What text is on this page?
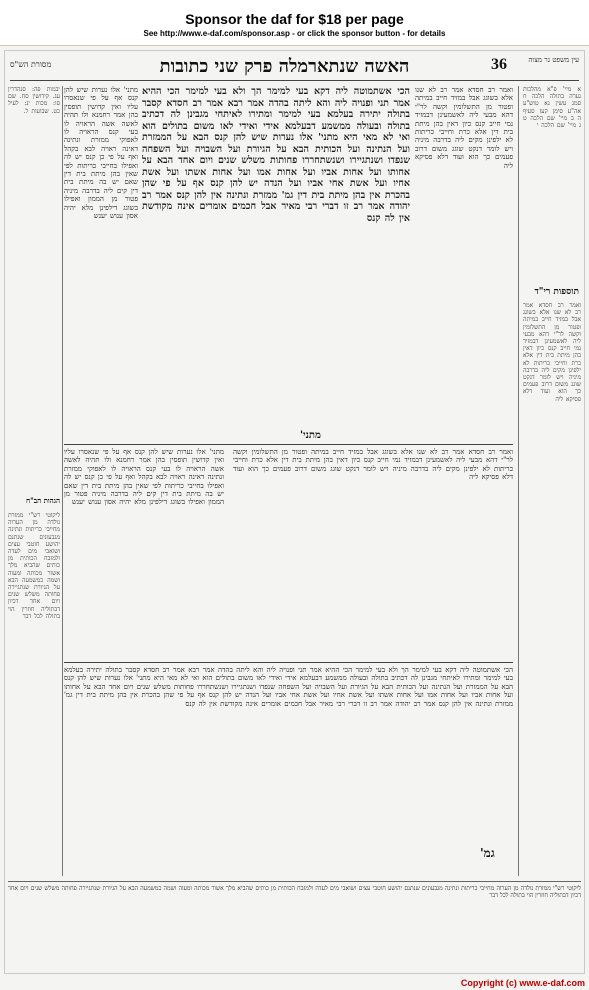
Sponsor the daf for $18 per page
See http://www.e-daf.com/sponsor.asp - or click the sponsor button - for details
עין משפט נר מצוה
36
האשה שנתארמלה פרק שני כתובות
מסורת הש"ס
א מיי' פ"א מהלכות נערה בתולה הלכה ח סמג עשין נא טוש"ע אה"ע סימן קעז סעיף ה ב מיי' שם הלכה ט ג מיי' שם הלכה י
תוספות רי"ד
ואמר רב חסדא אמר רב לא שנו אלא בשוגג אבל במזיד חייב במיתה ופטור מן התשלומין וקשה לר"י דהא מבעי ליה לאשמעינן דבמזיד נמי חייב קנס כיון דאין בהן מיתת בית דין אלא כרת וחייבי כריתות לא ילפינן מקים ליה בדרבה מיניה ויש לומר דנקט שוגג משום דרוב פעמים כך הוא ועוד דלא פסיקא ליה
ואמר רב חסדא אמר רב לא שנו אלא בשוגג אבל במזיד חייב במיתה ופטור מן התשלומין וקשה לר"י דהא מבעי ליה לאשמעינן דבמזיד נמי חייב קנס כיון דאין בהן מיתת בית דין אלא כרת וחייבי כריתות לא ילפינן מקים ליה בדרבה מיניה ויש לומר דנקט שוגג משום דרוב פעמים כך הוא ועוד דלא פסיקא ליה
מתני' אלו נערות שיש להן קנס אף על פי שנאסרו עליו ואין קדושין תופסין בהן אמר רחמנא ולו תהיה לאשה אשה הראויה לו בעי קנס הראויה לו לאפוקי ממזרת ונתינה דאינה ראויה לבא בקהל ואף על פי כן קנס יש לה ואפילו בחייבי כריתות לפי שאין בהן מיתת בית דין שאם יש בה מיתת בית דין קים ליה בדרבה מיניה פטור מן הממון ואפילו בשוגג דילפינן מלא יהיה אסון ענוש יענש
יבמות פה: סנהדרין עג. קידושין סח. שם סו: מכות יג: לעיל כט. שבועות ל.
הגהות הב"ח
ליקוטי רש"י ממזרת נולדה מן הערוה מחייבי כריתות ונתינה מגבעונים שנתנם יהושע חוטבי עצים ושואבי מים לעדה ולמזבח הכותית מן כותים שהביא מלך אשור מכותה ומעוה ושמה כמשמעה הבא על הגיורת שנתגיירה פחותה משלש שנים ויום אחד דכיון דבתוליה חוזרין הוי בתולה לכל דבר
הכי אשתמוטה ליה דקא בעי למימר הך ולא בעי למימר הכי ההיא אמר תני ופנויה ליה והא ליתה בהדה אמר רבא אמר רב חסדא קסבר בתולה יתירה בעלמא בעי למימר ומתירו לאיתחי מגבינן לה דכתיב בתולה ובעולה ממשמע דבעלמא אידי ואידי לאו משום בתולים הוא ואי לא מאי היא מתני' אלו נערות שיש להן קנס הבא על הממזרת ועל הנתינה ועל הכותית הבא על הגיורת ועל השבויה ועל השפחה שנפדו ושנתגיירו ושנשתחררו פחותות משלש שנים ויום אחד הבא על אחותו ועל אחות אביו ועל אחות אמו ועל אחות אשתו ועל אשת אחיו ועל אשת אחי אביו ועל הנדה יש להן קנס אף על פי שהן בהכרת אין בהן מיתת בית דין גמ' ממזרת ונתינה אין להן קנס אמר רב יהודה אמר רב זו דברי רבי מאיר אבל חכמים אומרים אינה מקודשת אין לה קנס
מתני'
מתני' אלו נערות שיש להן קנס אף על פי שנאסרו עליו ואין קדושין תופסין בהן אמר רחמנא ולו תהיה לאשה אשה הראויה לו בעי קנס הראויה לו לאפוקי ממזרת ונתינה דאינה ראויה לבא בקהל ואף על פי כן קנס יש לה ואפילו בחייבי כריתות לפי שאין בהן מיתת בית דין שאם יש בה מיתת בית דין קים ליה בדרבה מיניה פטור מן הממון ואפילו בשוגג דילפינן מלא יהיה אסון ענוש יענש
ואמר רב חסדא אמר רב לא שנו אלא בשוגג אבל במזיד חייב במיתה ופטור מן התשלומין וקשה לר"י דהא מבעי ליה לאשמעינן דבמזיד נמי חייב קנס כיון דאין בהן מיתת בית דין אלא כרת וחייבי כריתות לא ילפינן מקים ליה בדרבה מיניה ויש לומר דנקט שוגג משום דרוב פעמים כך הוא ועוד דלא פסיקא ליה
גמ'
הכי אשתמוטה ליה דקא בעי למימר הך ולא בעי למימר הכי ההיא אמר תני ופנויה ליה והא ליתה בהדה אמר רבא אמר רב חסדא קסבר בתולה יתירה בעלמא בעי למימר ומתירו לאיתחי מגבינן לה דכתיב בתולה ובעולה ממשמע דבעלמא אידי ואידי לאו משום בתולים הוא ואי לא מאי היא מתני' אלו נערות שיש להן קנס הבא על הממזרת ועל הנתינה ועל הכותית הבא על הגיורת ועל השבויה ועל השפחה שנפדו ושנתגיירו ושנשתחררו פחותות משלש שנים ויום אחד הבא על אחותו ועל אחות אביו ועל אחות אמו ועל אחות אשתו ועל אשת אחיו ועל אשת אחי אביו ועל הנדה יש להן קנס אף על פי שהן בהכרת אין בהן מיתת בית דין גמ' ממזרת ונתינה אין להן קנס אמר רב יהודה אמר רב זו דברי רבי מאיר אבל חכמים אומרים אינה מקודשת אין לה קנס
ליקוטי רש"י ממזרת נולדה מן הערוה מחייבי כריתות ונתינה מגבעונים שנתנם יהושע חוטבי עצים ושואבי מים לעדה ולמזבח הכותית מן כותים שהביא מלך אשור מכותה ומעוה ושמה כמשמעה הבא על הגיורת שנתגיירה פחותה משלש שנים ויום אחד דכיון דבתוליה חוזרין הוי בתולה לכל דבר
Copyright (c) www.e-daf.com
